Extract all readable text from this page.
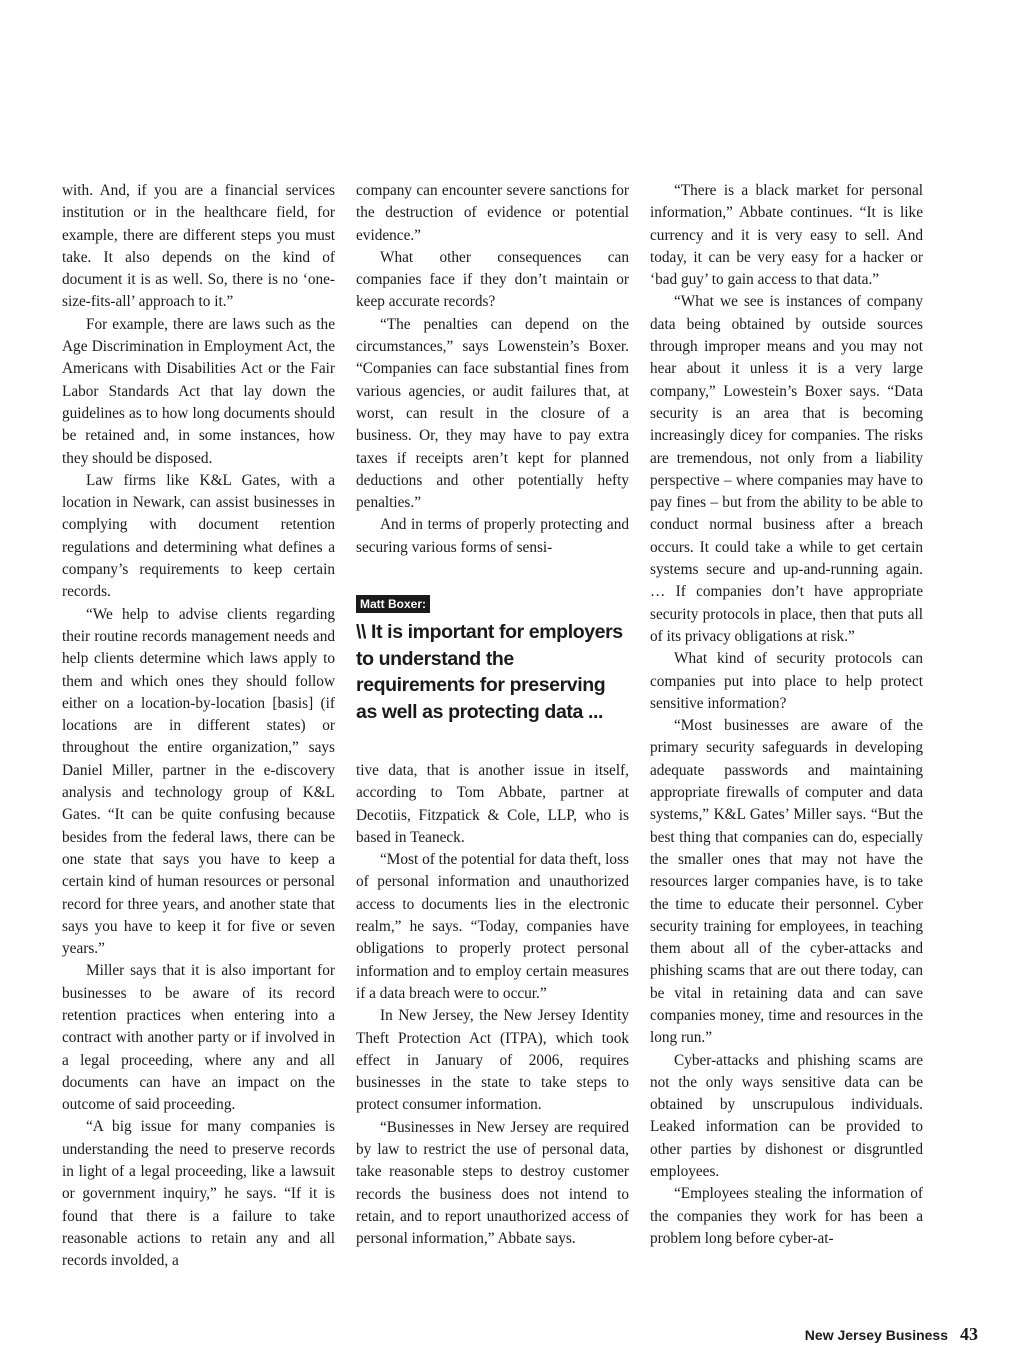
with. And, if you are a financial services institution or in the healthcare field, for example, there are different steps you must take. It also depends on the kind of document it is as well. So, there is no ‘one-size-fits-all’ approach to it.”

For example, there are laws such as the Age Discrimination in Employment Act, the Americans with Disabilities Act or the Fair Labor Standards Act that lay down the guidelines as to how long documents should be retained and, in some instances, how they should be disposed.

Law firms like K&L Gates, with a location in Newark, can assist businesses in complying with document retention regulations and determining what defines a company’s requirements to keep certain records.

“We help to advise clients regarding their routine records management needs and help clients determine which laws apply to them and which ones they should follow either on a location-by-location [basis] (if locations are in different states) or throughout the entire organization,” says Daniel Miller, partner in the e-discovery analysis and technology group of K&L Gates. “It can be quite confusing because besides from the federal laws, there can be one state that says you have to keep a certain kind of human resources or personal record for three years, and another state that says you have to keep it for five or seven years.”

Miller says that it is also important for businesses to be aware of its record retention practices when entering into a contract with another party or if involved in a legal proceeding, where any and all documents can have an impact on the outcome of said proceeding.

“A big issue for many companies is understanding the need to preserve records in light of a legal proceeding, like a lawsuit or government inquiry,” he says. “If it is found that there is a failure to take reasonable actions to retain any and all records involded, a

company can encounter severe sanctions for the destruction of evidence or potential evidence.”

What other consequences can companies face if they don’t maintain or keep accurate records?

“The penalties can depend on the circumstances,” says Lowenstein’s Boxer. “Companies can face substantial fines from various agencies, or audit failures that, at worst, can result in the closure of a business. Or, they may have to pay extra taxes if receipts aren’t kept for planned deductions and other potentially hefty penalties.”

And in terms of properly protecting and securing various forms of sensi-

Matt Boxer:
\\ It is important for employers to understand the requirements for preserving as well as protecting data ...

tive data, that is another issue in itself, according to Tom Abbate, partner at Decotiis, Fitzpatick & Cole, LLP, who is based in Teaneck.

“Most of the potential for data theft, loss of personal information and unauthorized access to documents lies in the electronic realm,” he says. “Today, companies have obligations to properly protect personal information and to employ certain measures if a data breach were to occur.”

In New Jersey, the New Jersey Identity Theft Protection Act (ITPA), which took effect in January of 2006, requires businesses in the state to take steps to protect consumer information.

“Businesses in New Jersey are required by law to restrict the use of personal data, take reasonable steps to destroy customer records the business does not intend to retain, and to report unauthorized access of personal information,” Abbate says.

“There is a black market for personal information,” Abbate continues. “It is like currency and it is very easy to sell. And today, it can be very easy for a hacker or ‘bad guy’ to gain access to that data.”

“What we see is instances of company data being obtained by outside sources through improper means and you may not hear about it unless it is a very large company,” Lowestein’s Boxer says. “Data security is an area that is becoming increasingly dicey for companies. The risks are tremendous, not only from a liability perspective – where companies may have to pay fines – but from the ability to be able to conduct normal business after a breach occurs. It could take a while to get certain systems secure and up-and-running again. … If companies don’t have appropriate security protocols in place, then that puts all of its privacy obligations at risk.”

What kind of security protocols can companies put into place to help protect sensitive information?

“Most businesses are aware of the primary security safeguards in developing adequate passwords and maintaining appropriate firewalls of computer and data systems,” K&L Gates’ Miller says. “But the best thing that companies can do, especially the smaller ones that may not have the resources larger companies have, is to take the time to educate their personnel. Cyber security training for employees, in teaching them about all of the cyber-attacks and phishing scams that are out there today, can be vital in retaining data and can save companies money, time and resources in the long run.”

Cyber-attacks and phishing scams are not the only ways sensitive data can be obtained by unscrupulous individuals. Leaked information can be provided to other parties by dishonest or disgruntled employees.

“Employees stealing the information of the companies they work for has been a problem long before cyber-at-

New Jersey Business 43
